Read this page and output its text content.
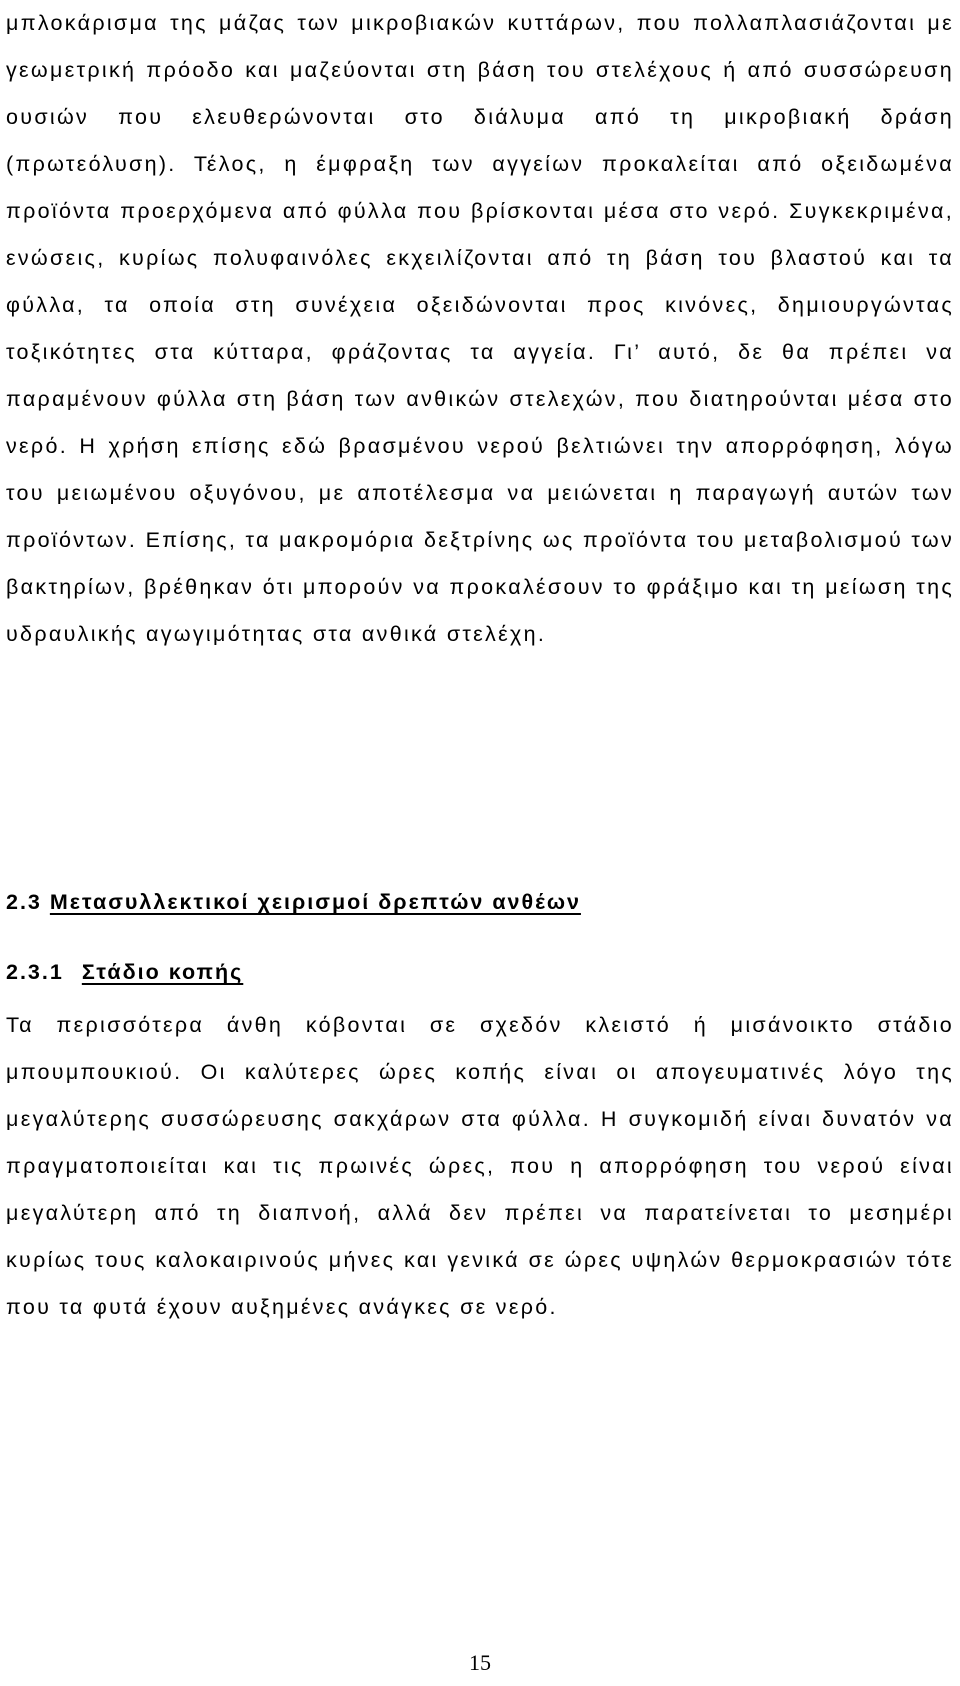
μπλοκάρισμα της μάζας των μικροβιακών κυττάρων, που πολλαπλασιάζονται με γεωμετρική πρόοδο και μαζεύονται στη βάση του στελέχους ή από συσσώρευση ουσιών που ελευθερώνονται στο διάλυμα από τη μικροβιακή δράση (πρωτεόλυση). Τέλος, η έμφραξη των αγγείων προκαλείται από οξειδωμένα προϊόντα προερχόμενα από φύλλα που βρίσκονται μέσα στο νερό. Συγκεκριμένα, ενώσεις, κυρίως πολυφαινόλες εκχειλίζονται από τη βάση του βλαστού και τα φύλλα, τα οποία στη συνέχεια οξειδώνονται προς κινόνες, δημιουργώντας τοξικότητες στα κύτταρα, φράζοντας τα αγγεία. Γι’ αυτό, δε θα πρέπει να παραμένουν φύλλα στη βάση των ανθικών στελεχών, που διατηρούνται μέσα στο νερό. Η χρήση επίσης εδώ βρασμένου νερού βελτιώνει την απορρόφηση, λόγω του μειωμένου οξυγόνου, με αποτέλεσμα να μειώνεται η παραγωγή αυτών των προϊόντων. Επίσης, τα μακρομόρια δεξτρίνης ως προϊόντα του μεταβολισμού των βακτηρίων, βρέθηκαν ότι μπορούν να προκαλέσουν το φράξιμο και τη μείωση της υδραυλικής αγωγιμότητας στα ανθικά στελέχη.

2.3 Μετασυλλεκτικοί χειρισμοί δρεπτών ανθέων
2.3.1 Στάδιο κοπής

Τα περισσότερα άνθη κόβονται σε σχεδόν κλειστό ή μισάνοικτο στάδιο μπουμπουκιού. Οι καλύτερες ώρες κοπής είναι οι απογευματινές λόγο της μεγαλύτερης συσσώρευσης σακχάρων στα φύλλα. Η συγκομιδή είναι δυνατόν να πραγματοποιείται και τις πρωινές ώρες, που η απορρόφηση του νερού είναι μεγαλύτερη από τη διαπνοή, αλλά δεν πρέπει να παρατείνεται το μεσημέρι κυρίως τους καλοκαιρινούς μήνες και γενικά σε ώρες υψηλών θερμοκρασιών τότε που τα φυτά έχουν αυξημένες ανάγκες σε νερό.

15
